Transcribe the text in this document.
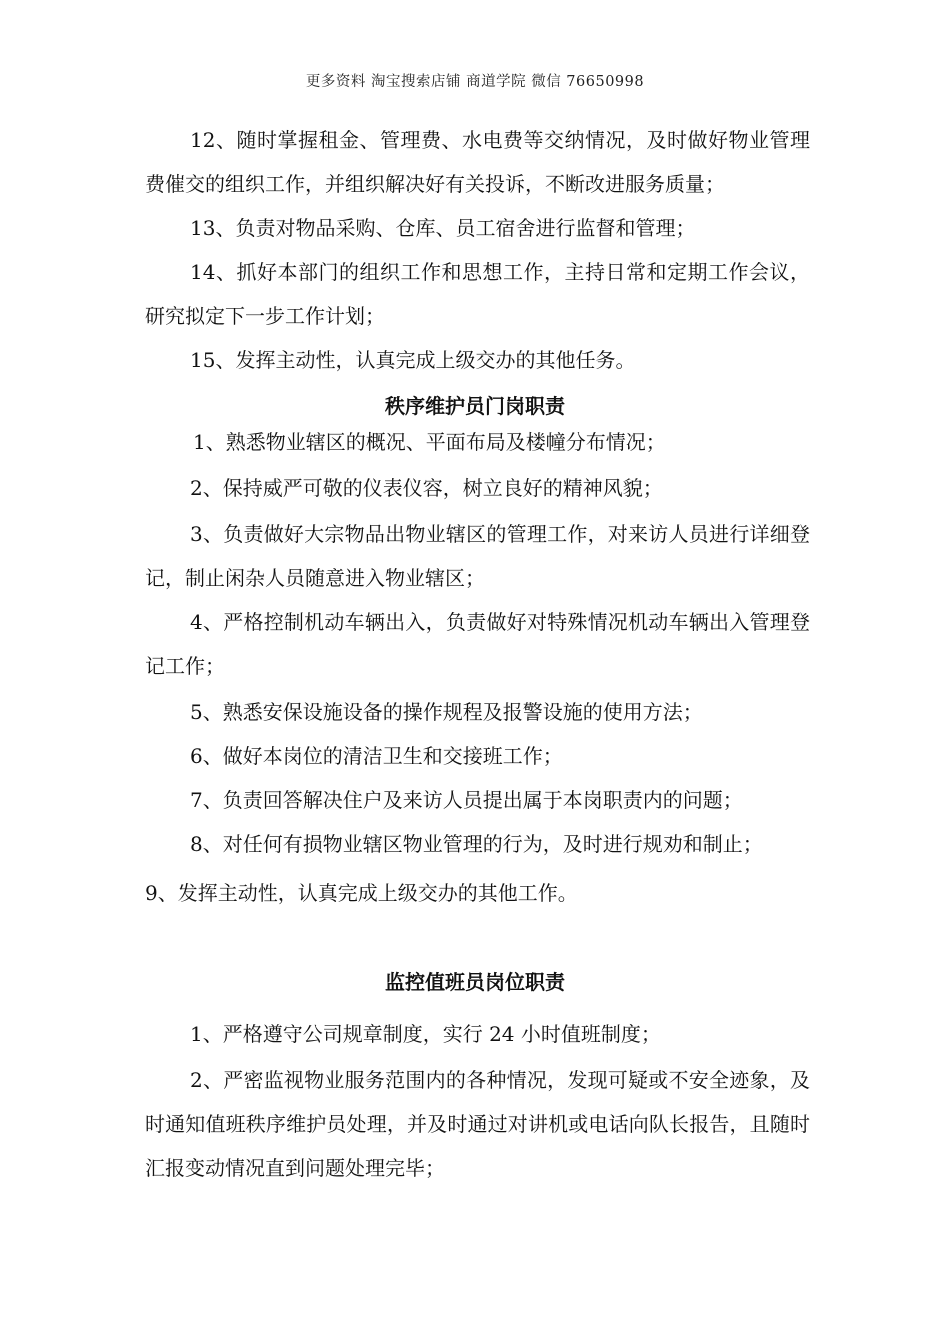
更多资料 淘宝搜索店铺 商道学院 微信 76650998

12、随时掌握租金、管理费、水电费等交纳情况，及时做好物业管理费催交的组织工作，并组织解决好有关投诉，不断改进服务质量；

13、负责对物品采购、仓库、员工宿舍进行监督和管理；

14、抓好本部门的组织工作和思想工作，主持日常和定期工作会议，研究拟定下一步工作计划；

15、发挥主动性，认真完成上级交办的其他任务。

秩序维护员门岗职责

1、熟悉物业辖区的概况、平面布局及楼幢分布情况；

2、保持威严可敬的仪表仪容，树立良好的精神风貌；

3、负责做好大宗物品出物业辖区的管理工作，对来访人员进行详细登记，制止闲杂人员随意进入物业辖区；

4、严格控制机动车辆出入，负责做好对特殊情况机动车辆出入管理登记工作；

5、熟悉安保设施设备的操作规程及报警设施的使用方法；

6、做好本岗位的清洁卫生和交接班工作；

7、负责回答解决住户及来访人员提出属于本岗职责内的问题；

8、对任何有损物业辖区物业管理的行为，及时进行规劝和制止；

9、发挥主动性，认真完成上级交办的其他工作。

监控值班员岗位职责

1、严格遵守公司规章制度，实行 24 小时值班制度；

2、严密监视物业服务范围内的各种情况，发现可疑或不安全迹象，及时通知值班秩序维护员处理，并及时通过对讲机或电话向队长报告，且随时汇报变动情况直到问题处理完毕；
